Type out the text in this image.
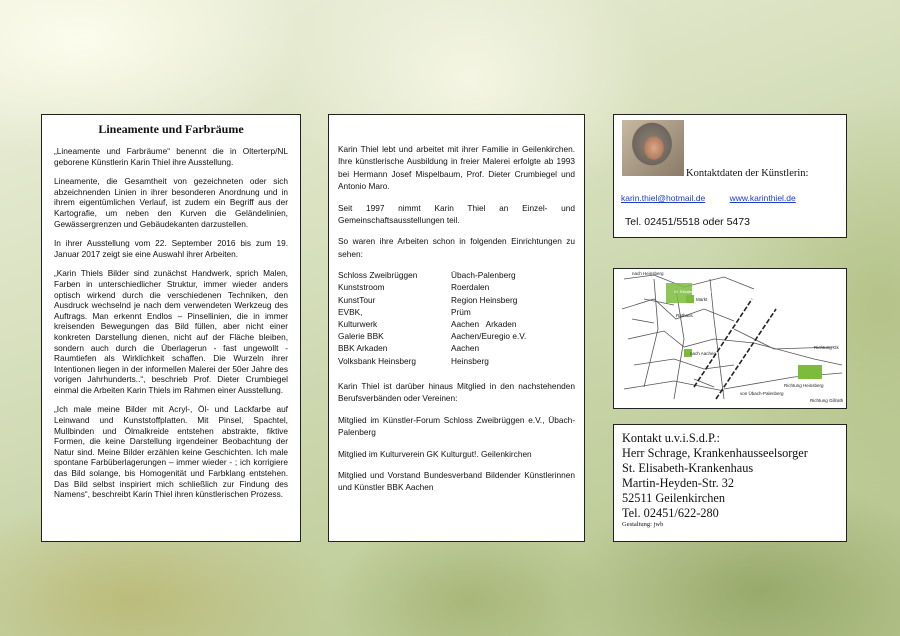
Lineamente und Farbräume

„Lineamente und Farbräume“ benennt die in Olterterp/NL geborene Künstlerin Karin Thiel ihre Ausstellung.

Lineamente, die Gesamtheit von gezeichneten oder sich abzeichnenden Linien in ihrer besonderen Anordnung und in ihrem eigentümlichen Verlauf, ist zudem ein Begriff aus der Kartografie, um neben den Kurven die Geländelinien, Gewässergrenzen und Gebäudekanten darzustellen.

In ihrer Ausstellung vom 22. September 2016 bis zum 19. Januar 2017 zeigt sie eine Auswahl ihrer Arbeiten.

„Karin Thiels Bilder sind zunächst Handwerk, sprich Malen, Farben in unterschiedlicher Struktur, immer wieder anders optisch wirkend durch die verschiedenen Techniken, den Ausdruck wechselnd je nach dem verwendeten Werkzeug des Auftrags. Man erkennt Endlos – Pinsellinien, die in immer kreisenden Bewegungen das Bild füllen, aber nicht einer konkreten Darstellung dienen, nicht auf der Fläche bleiben, sondern auch durch die Überlagerun - fast ungewollt - Raumtiefen als Wirklichkeit schaffen. Die Wurzeln ihrer Intentionen liegen in der informellen Malerei der 50er Jahre des vorigen Jahrhunderts..“, beschrieb Prof. Dieter Crumbiegel einmal die Arbeiten Karin Thiels im Rahmen einer Ausstellung.

„Ich male meine Bilder mit Acryl-, Öl- und Lackfarbe auf Leinwand und Kunststoffplatten. Mit Pinsel, Spachtel, Mullbinden und Ölmalkreide entstehen abstrakte, fiktive Formen, die keine Darstellung irgendeiner Beobachtung der Natur sind. Meine Bilder erzählen keine Geschichten. Ich male spontane Farbüberlagerungen – immer wieder - ; ich korrigiere das Bild solange, bis Homogenität und Farbklang entstehen. Das Bild selbst inspiriert mich schließlich zur Findung des Namens“, beschreibt Karin Thiel ihren künstlerischen Prozess.

Karin Thiel lebt und arbeitet mit ihrer Familie in Geilenkirchen. Ihre künstlerische Ausbildung in freier Malerei erfolgte ab 1993 bei Hermann Josef Mispelbaum, Prof. Dieter Crumbiegel und Antonio Maro.

Seit 1997 nimmt Karin Thiel an Einzel- und Gemeinschaftsausstellungen teil.

So waren ihre Arbeiten schon in folgenden Einrichtungen zu sehen:

Schloss Zweibrüggen	Übach-Palenberg
Kunststroom	Roerdalen
KunstTour	Region Heinsberg
EVBK,	Prüm
Kulturwerk	Aachen   Arkaden
Galerie BBK	Aachen/Euregio e.V.
BBK Arkaden	Aachen
Volksbank Heinsberg	Heinsberg

Karin Thiel ist darüber hinaus Mitglied in den nachstehenden Berufsverbänden oder Vereinen:

Mitglied im Künstler-Forum Schloss Zweibrüggen e.V., Übach-Palenberg

Mitglied im Kulturverein GK Kulturgut!. Geilenkirchen

Mitglied und Vorstand Bundesverband Bildender Künstlerinnen und Künstler BBK Aachen

Kontaktdaten der Künstlerin:
karin.thiel@hotmail.de	www.karinthiel.de
Tel. 02451/5518 oder 5473
nach Heinsberg
St. Elisabeth-Krankenhaus
Markt
Rathaus
nach Aachen
Richtung Gk
von Übach-Palenberg
Richtung Heinsberg
Richtung Gillrath
Kontakt u.v.i.S.d.P.:
Herr Schrage, Krankenhausseelsorger
St. Elisabeth-Krankenhaus
Martin-Heyden-Str. 32
52511 Geilenkirchen
Tel. 02451/622-280
Gestaltung: jwb
